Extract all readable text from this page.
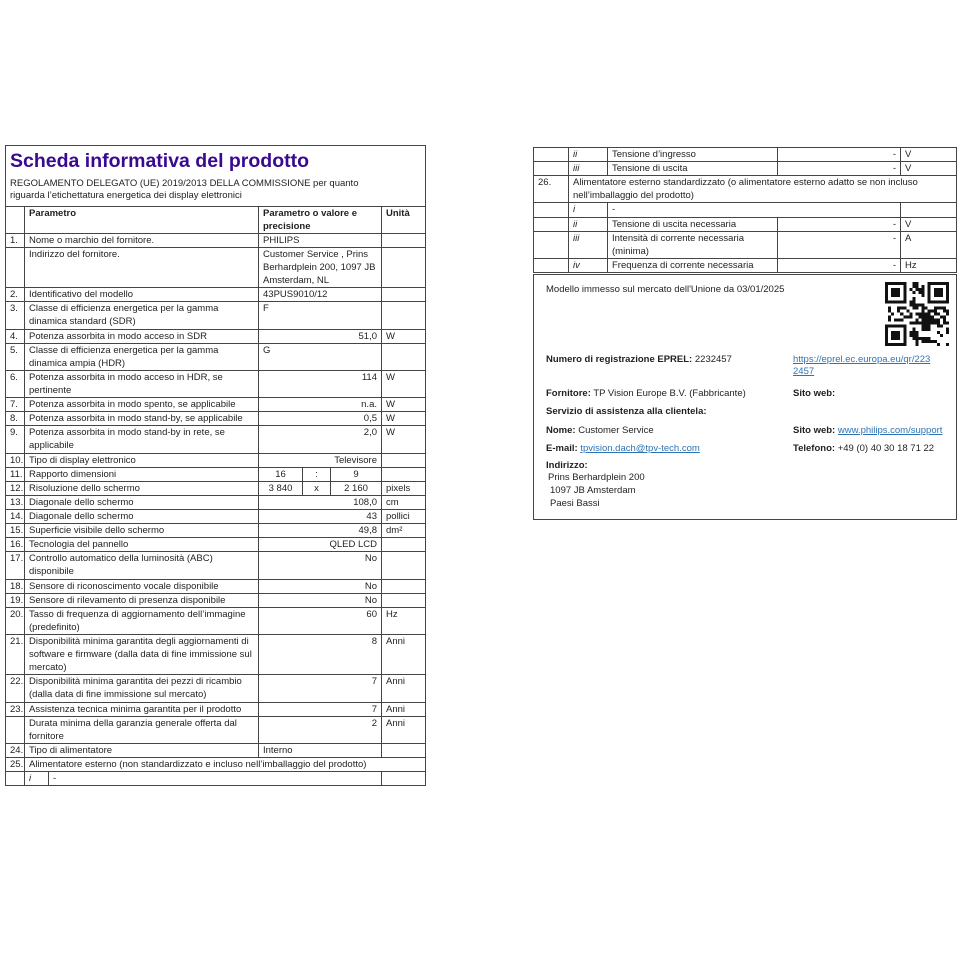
Scheda informativa del prodotto
REGOLAMENTO DELEGATO (UE) 2019/2013 DELLA COMMISSIONE per quanto riguarda l’etichettatura energetica dei display elettronici						

	Parametro		Parametro o valore e precisione			Unità
1.	Nome o marchio del fornitore.		PHILIPS			
	Indirizzo del fornitore.		Customer Service , Prins Berhardplein 200, 1097 JB Amsterdam, NL			
2.	Identificativo del modello		43PUS9010/12			
3.	Classe di efficienza energetica per la gamma dinamica standard (SDR)		F			
4.	Potenza assorbita in modo acceso in SDR		51,0			W
5.	Classe di efficienza energetica per la gamma dinamica ampia (HDR)		G			
6.	Potenza assorbita in modo acceso in HDR, se pertinente		114			W
7.	Potenza assorbita in modo spento, se applicabile		n.a.			W
8.	Potenza assorbita in modo stand-by, se applicabile		0,5			W
9.	Potenza assorbita in modo stand-by in rete, se applicabile		2,0			W
10.	Tipo di display elettronico		Televisore			
11.	Rapporto dimensioni		16	:	9	
12.	Risoluzione dello schermo		3 840	x	2 160	pixels
13.	Diagonale dello schermo		108,0			cm
14.	Diagonale dello schermo		43			pollici
15.	Superficie visibile dello schermo		49,8			dm²
16.	Tecnologia del pannello		QLED LCD			
17.	Controllo automatico della luminosità (ABC) disponibile		No			
18.	Sensore di riconoscimento vocale disponibile		No			
19.	Sensore di rilevamento di presenza disponibile		No			
20.	Tasso di frequenza di aggiornamento dell’immagine (predefinito)		60			Hz
21.	Disponibilità minima garantita degli aggiornamenti di software e firmware (dalla data di fine immissione sul mercato)		8			Anni
22.	Disponibilità minima garantita dei pezzi di ricambio (dalla data di fine immissione sul mercato)		7			Anni
23.	Assistenza tecnica minima garantita per il prodotto		7			Anni
	Durata minima della garanzia generale offerta dal fornitore		2			Anni
24.	Tipo di alimentatore		Interno			
25.	Alimentatore esterno (non standardizzato e incluso nell’imballaggio del prodotto)					
	i	-				
	ii	Tensione d’ingresso	-	V
	iii	Tensione di uscita	-	V
26.	Alimentatore esterno standardizzato (o alimentatore esterno adatto se non incluso nell’imballaggio del prodotto)			
	i	-		
	ii	Tensione di uscita necessaria	-	V
	iii	Intensità di corrente necessaria (minima)	-	A
	iv	Frequenza di corrente necessaria	-	Hz
Modello immesso sul mercato dell'Unione da 03/01/2025
Numero di registrazione EPREL: 2232457	https://eprel.ec.europa.eu/qr/2232457
Fornitore: TP Vision Europe B.V. (Fabbricante)	Sito web:
Servizio di assistenza alla clientela:
Nome: Customer Service	Sito web: www.philips.com/support
E-mail: tpvision.dach@tpv-tech.com	Telefono: +49 (0) 40 30 18 71 22
Indirizzo:
Prins Berhardplein 200
1097 JB Amsterdam
Paesi Bassi
